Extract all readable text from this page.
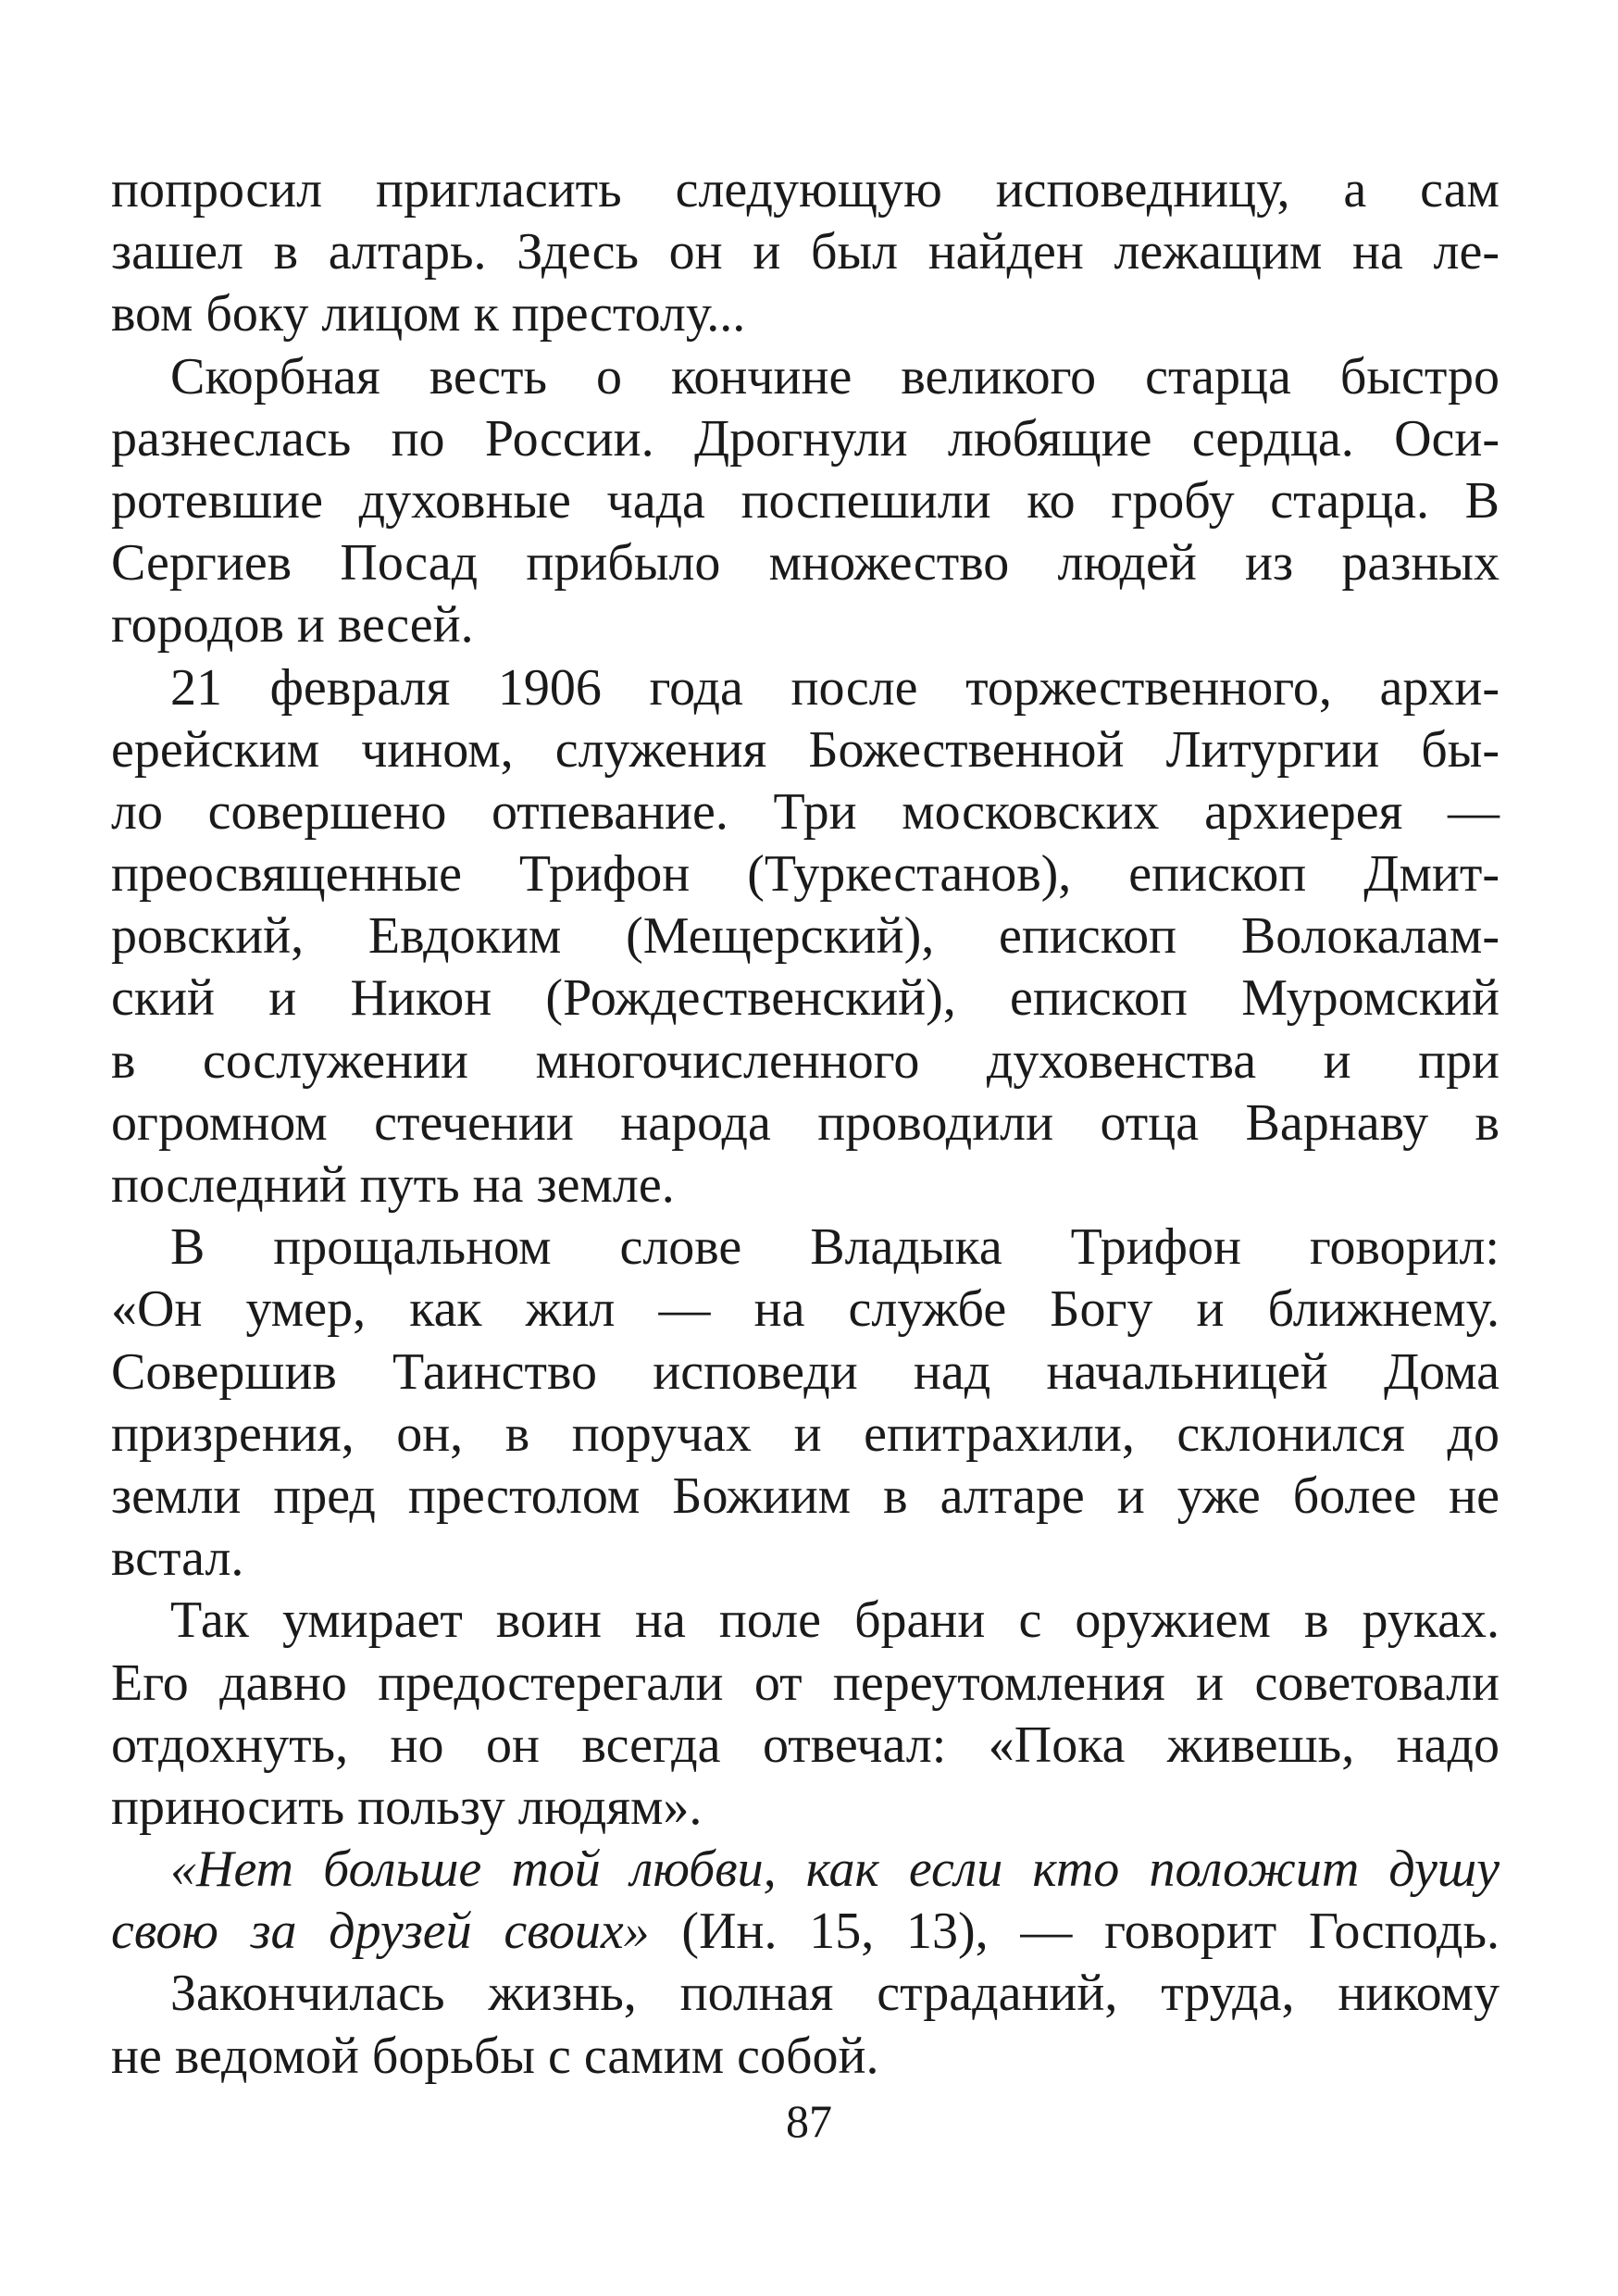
попросил пригласить следующую исповедницу, а сам
зашел в алтарь. Здесь он и был найден лежащим на ле-
вом боку лицом к престолу...

Скорбная весть о кончине великого старца быстро
разнеслась по России. Дрогнули любящие сердца. Оси-
ротевшие духовные чада поспешили ко гробу старца. В
Сергиев Посад прибыло множество людей из разных
городов и весей.

21 февраля 1906 года после торжественного, архи-
ерейским чином, служения Божественной Литургии бы-
ло совершено отпевание. Три московских архиерея —
преосвященные Трифон (Туркестанов), епископ Дмит-
ровский, Евдоким (Мещерский), епископ Волокалам-
ский и Никон (Рождественский), епископ Муромский
в сослужении многочисленного духовенства и при
огромном стечении народа проводили отца Варнаву в
последний путь на земле.

В прощальном слове Владыка Трифон говорил:
«Он умер, как жил — на службе Богу и ближнему.
Совершив Таинство исповеди над начальницей Дома
призрения, он, в поручах и епитрахили, склонился до
земли пред престолом Божиим в алтаре и уже более не
встал.

Так умирает воин на поле брани с оружием в руках.
Его давно предостерегали от переутомления и советовали
отдохнуть, но он всегда отвечал: «Пока живешь, надо
приносить пользу людям».

«Нет больше той любви, как если кто положит душу
свою за друзей своих» (Ин. 15, 13), — говорит Господь.

Закончилась жизнь, полная страданий, труда, никому
не ведомой борьбы с самим собой.

87
